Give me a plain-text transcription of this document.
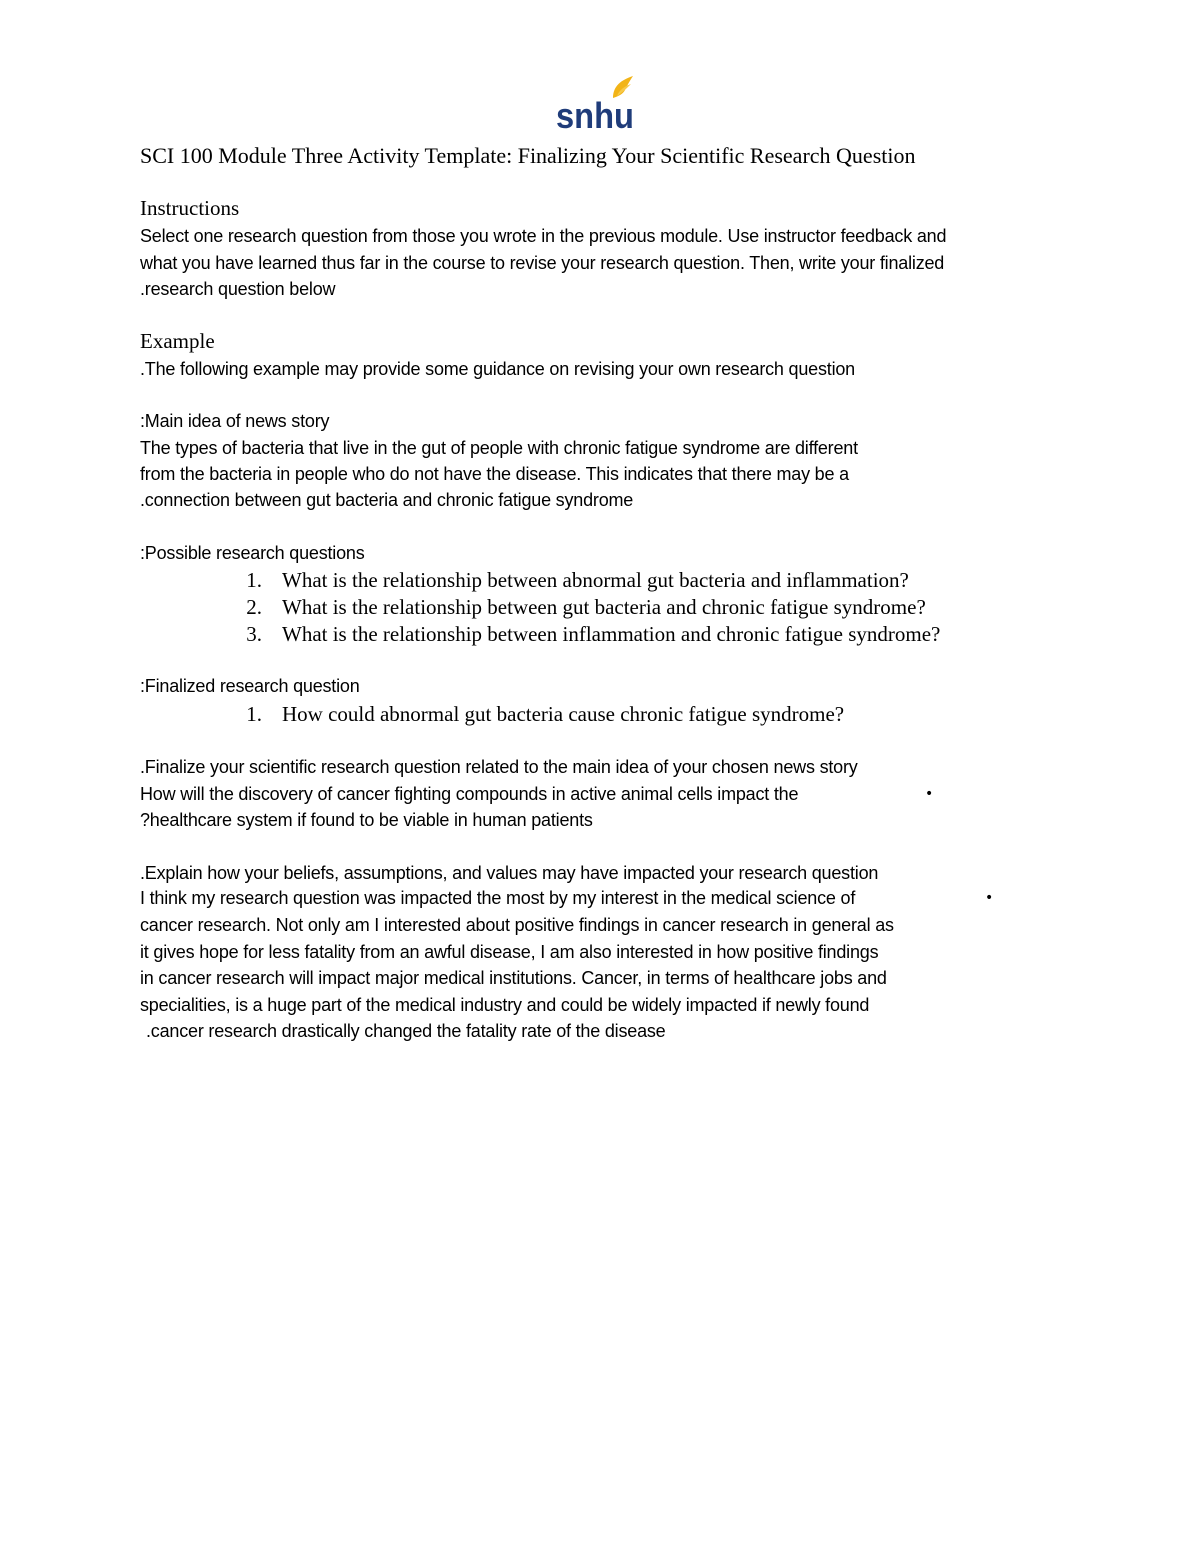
snhu

SCI 100 Module Three Activity Template: Finalizing Your Scientific Research Question

Instructions

Select one research question from those you wrote in the previous module. Use instructor feedback and

what you have learned thus far in the course to revise your research question. Then, write your finalized

.research question below

Example

.The following example may provide some guidance on revising your own research question

:Main idea of news story

The types of bacteria that live in the gut of people with chronic fatigue syndrome are different

from the bacteria in people who do not have the disease. This indicates that there may be a

.connection between gut bacteria and chronic fatigue syndrome

:Possible research questions

1. What is the relationship between abnormal gut bacteria and inflammation?

2. What is the relationship between gut bacteria and chronic fatigue syndrome?

3. What is the relationship between inflammation and chronic fatigue syndrome?

:Finalized research question

1. How could abnormal gut bacteria cause chronic fatigue syndrome?

.Finalize your scientific research question related to the main idea of your chosen news story

How will the discovery of cancer fighting compounds in active animal cells impact the	•

?healthcare system if found to be viable in human patients

.Explain how your beliefs, assumptions, and values may have impacted your research question

I think my research question was impacted the most by my interest in the medical science of	•

cancer research. Not only am I interested about positive findings in cancer research in general as

it gives hope for less fatality from an awful disease, I am also interested in how positive findings

in cancer research will impact major medical institutions. Cancer, in terms of healthcare jobs and

specialities, is a huge part of the medical industry and could be widely impacted if newly found

.cancer research drastically changed the fatality rate of the disease
